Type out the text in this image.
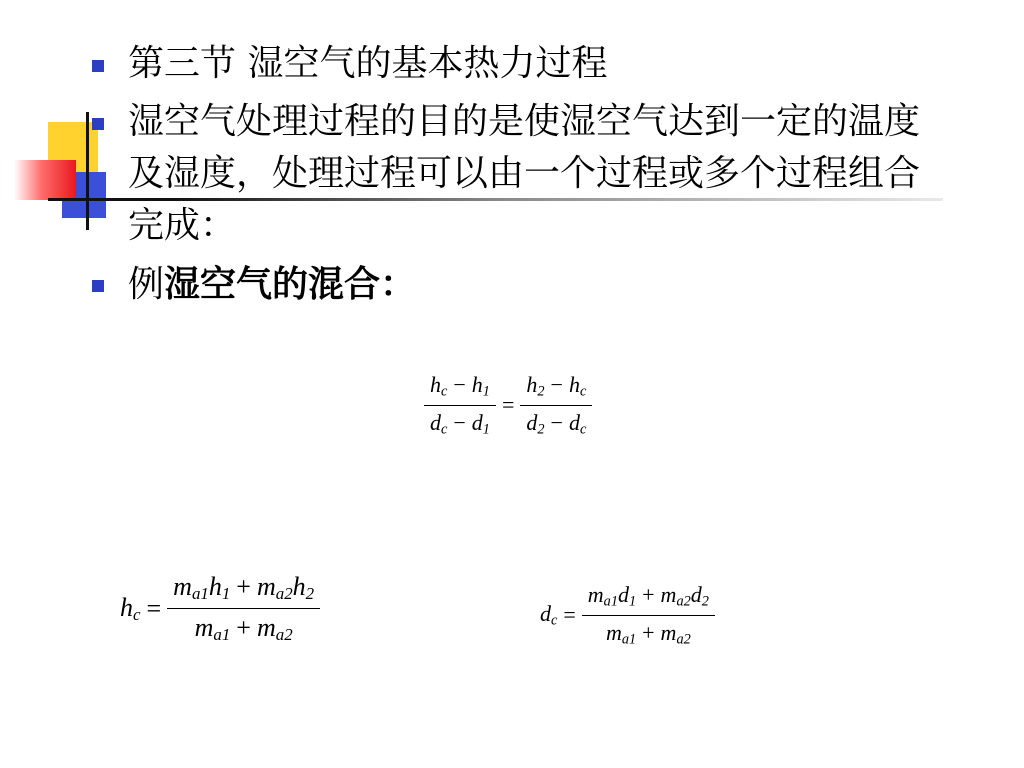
第三节 湿空气的基本热力过程
湿空气处理过程的目的是使湿空气达到一定的温度及湿度，处理过程可以由一个过程或多个过程组合完成：
例湿空气的混合：
$\frac{h_c - h_1}{d_c - d_1} = \frac{h_2 - h_c}{d_2 - d_c}$
$h_c = \frac{m_{a1}h_1 + m_{a2}h_2}{m_{a1} + m_{a2}}$	$d_c = \frac{m_{a1}d_1 + m_{a2}d_2}{m_{a1} + m_{a2}}$
